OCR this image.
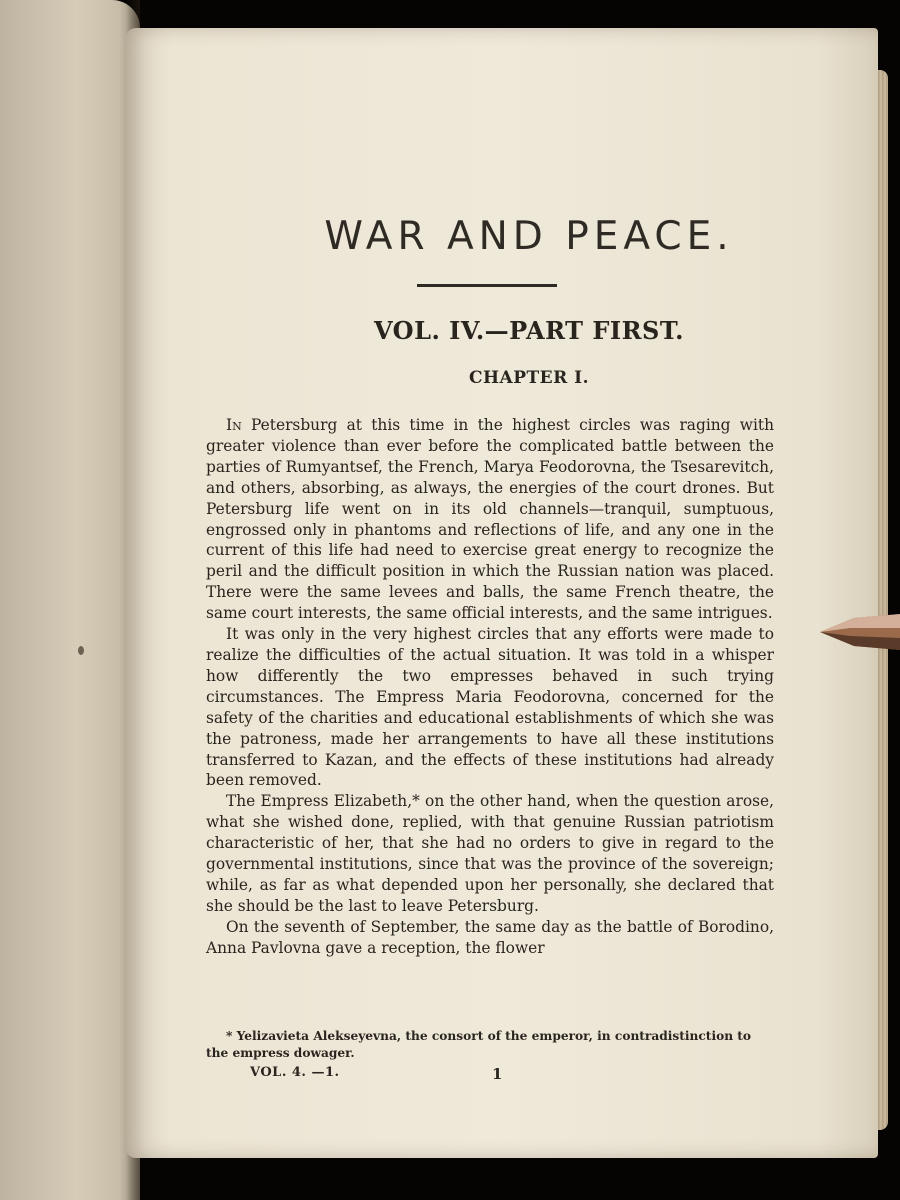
WAR AND PEACE.
VOL. IV.—PART FIRST.
CHAPTER I.

In Petersburg at this time in the highest circles was raging with greater violence than ever before the complicated battle between the parties of Rumyantsef, the French, Marya Feodorovna, the Tsesarevitch, and others, absorbing, as always, the energies of the court drones. But Petersburg life went on in its old channels—tranquil, sumptuous, engrossed only in phantoms and reflections of life, and any one in the current of this life had need to exercise great energy to recognize the peril and the difficult position in which the Russian nation was placed. There were the same levees and balls, the same French theatre, the same court interests, the same official interests, and the same intrigues.

It was only in the very highest circles that any efforts were made to realize the difficulties of the actual situation. It was told in a whisper how differently the two empresses behaved in such trying circumstances. The Empress Maria Feodorovna, concerned for the safety of the charities and educational establishments of which she was the patroness, made her arrangements to have all these institutions transferred to Kazan, and the effects of these institutions had already been removed.

The Empress Elizabeth,* on the other hand, when the question arose, what she wished done, replied, with that genuine Russian patriotism characteristic of her, that she had no orders to give in regard to the governmental institutions, since that was the province of the sovereign; while, as far as what depended upon her personally, she declared that she should be the last to leave Petersburg.

On the seventh of September, the same day as the battle of Borodino, Anna Pavlovna gave a reception, the flower

* Yelizavieta Alekseyevna, the consort of the emperor, in contradistinction to the empress dowager.
VOL. 4. —1.	1
